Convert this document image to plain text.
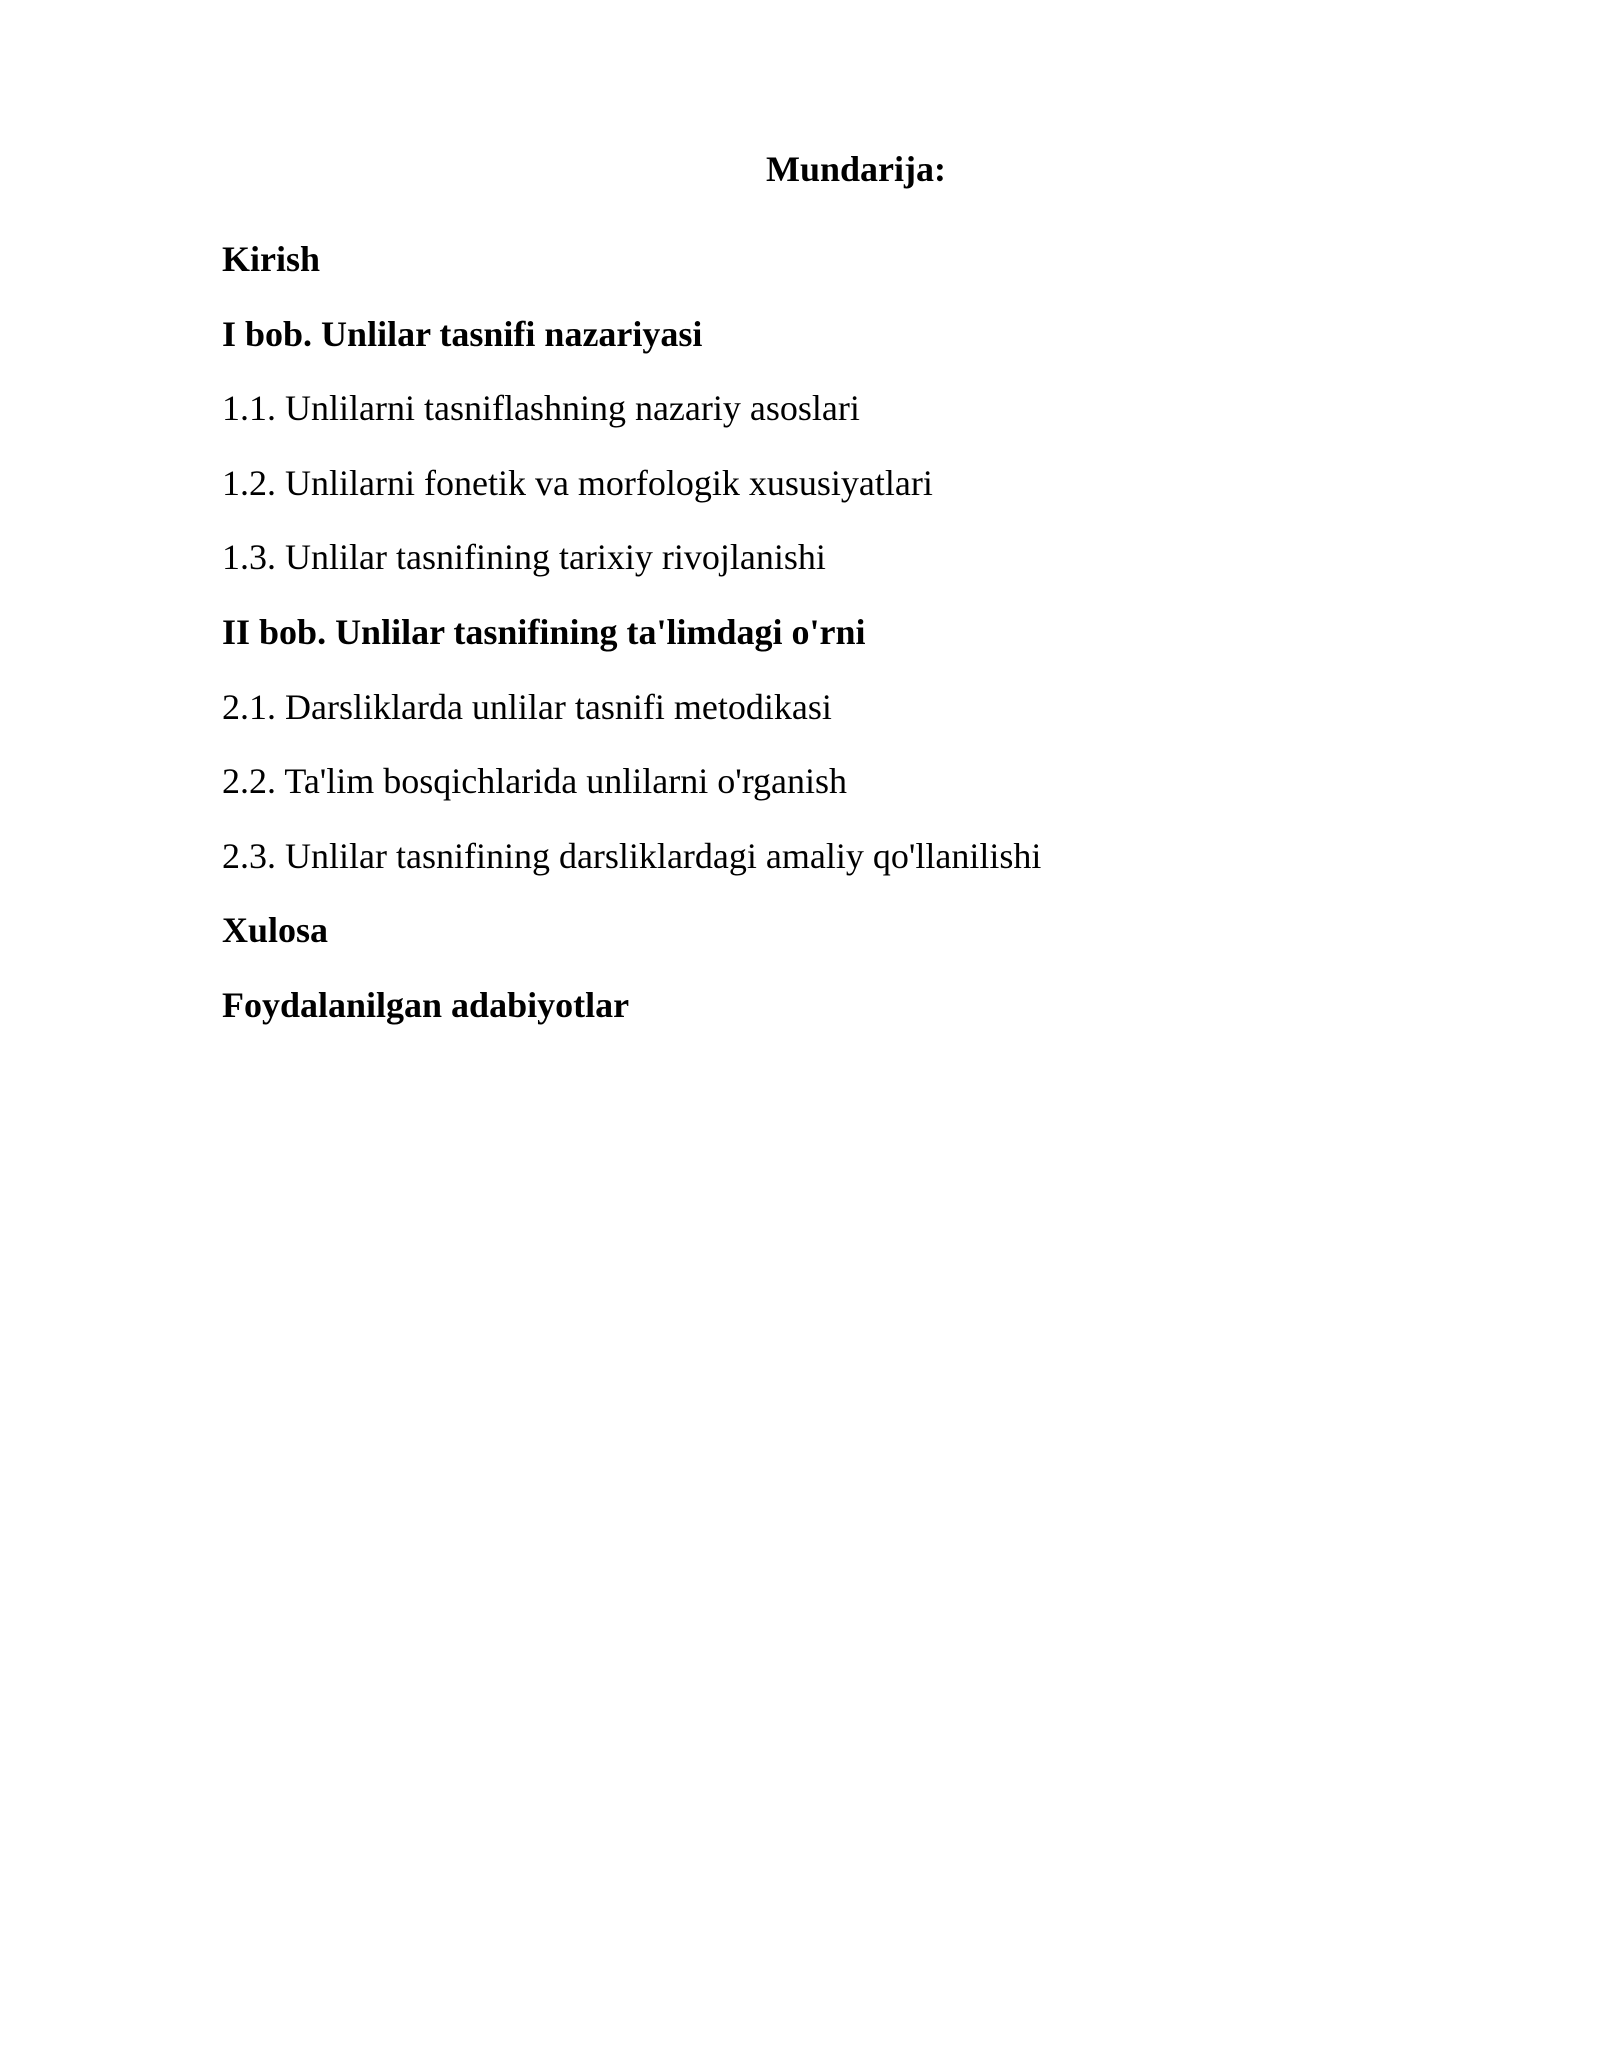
Mundarija:
Kirish
I bob. Unlilar tasnifi nazariyasi
1.1. Unlilarni tasniflashning nazariy asoslari
1.2. Unlilarni fonetik va morfologik xususiyatlari
1.3. Unlilar tasnifining tarixiy rivojlanishi
II bob. Unlilar tasnifining ta'limdagi o'rni
2.1. Darsliklarda unlilar tasnifi metodikasi
2.2. Ta'lim bosqichlarida unlilarni o'rganish
2.3. Unlilar tasnifining darsliklardagi amaliy qo'llanilishi
Xulosa
Foydalanilgan adabiyotlar
